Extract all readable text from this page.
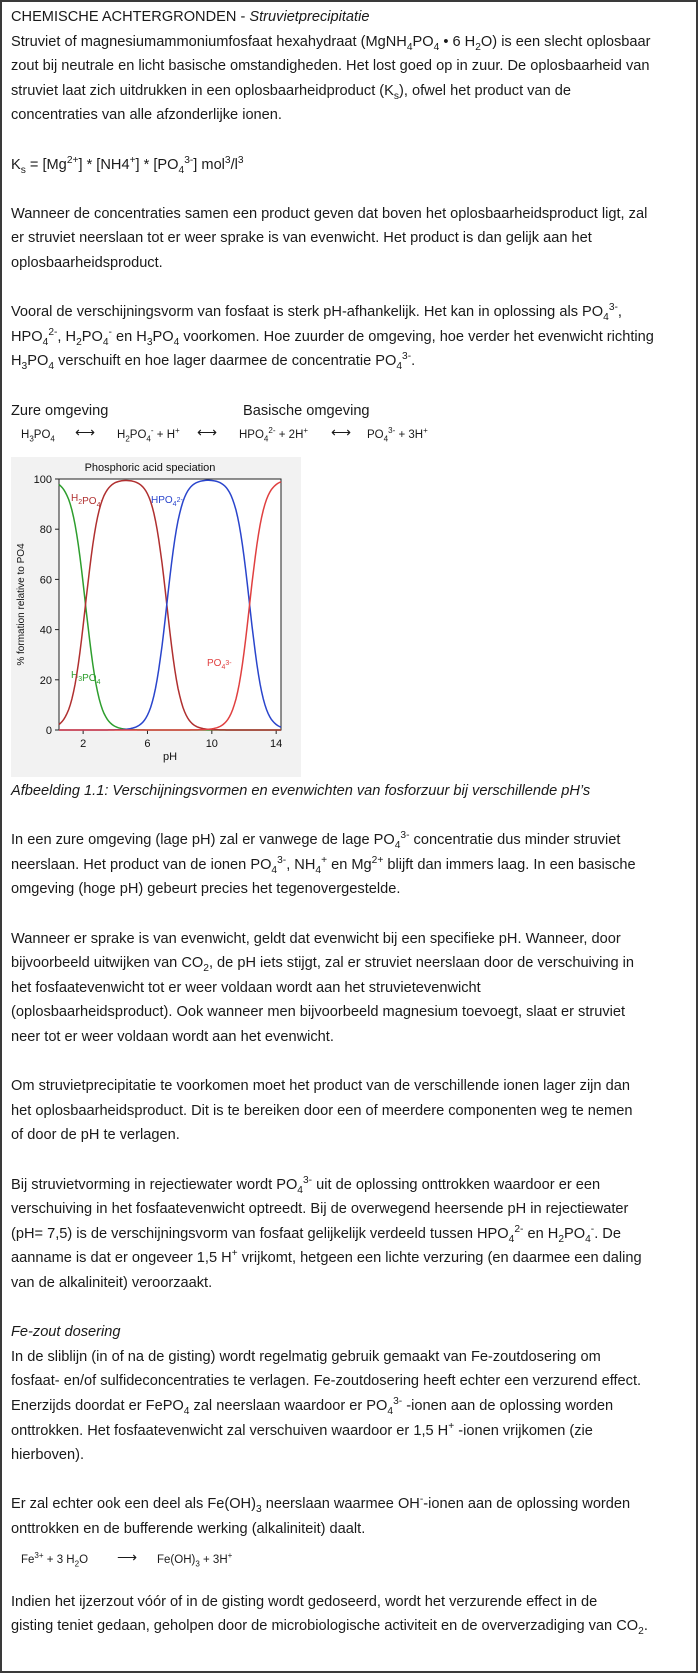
CHEMISCHE ACHTERGRONDEN - Struvietprecipitatie

Struviet of magnesiumammoniumfosfaat hexahydraat ($MgNH_4PO_4$ • 6 $H_2O$) is een slecht oplosbaar

zout bij neutrale en licht basische omstandigheden. Het lost goed op in zuur. De oplosbaarheid van

struviet laat zich uitdrukken in een oplosbaarheidproduct $(K_s)$, ofwel het product van de

concentraties van alle afzonderlijke ionen.

$K_s = [Mg^{2+}] * [NH4^+] * [PO_4^{3-}]$ $mol^3/l^3$

Wanneer de concentraties samen een product geven dat boven het oplosbaarheidsproduct ligt, zal

er struviet neerslaan tot er weer sprake is van evenwicht. Het product is dan gelijk aan het

oplosbaarheidsproduct.

Vooral de verschijningsvorm van fosfaat is sterk pH-afhankelijk. Het kan in oplossing als $PO_4^{3-}$,

$HPO_4^{2-}$, $H_2PO_4^-$ en $H_3PO_4$ voorkomen. Hoe zuurder de omgeving, hoe verder het evenwicht richting

$H_3PO_4$ verschuift en hoe lager daarmee de concentratie $PO_4^{3-}$.

Zure omgeving	Basische omgeving
$H_3PO_4$ ⟷ $H_2PO_4^- + H^+$ ⟷ $HPO_4^{2-} + 2H^+$ ⟷ $PO_4^{3-} + 3H^+$
Phosphoric acid speciation
0
20
40
60
80
100
2	6	10	14
pH
% formation relative to PO4
$H_3PO_4$
$H_2PO_4^-$	$HPO_4^{2-}$
$PO_4^{3-}$

Afbeelding 1.1: Verschijningsvormen en evenwichten van fosforzuur bij verschillende pH’s

In een zure omgeving (lage pH) zal er vanwege de lage $PO_4^{3-}$ concentratie dus minder struviet

neerslaan. Het product van de ionen $PO_4^{3-}$, $NH_4^+$ en $Mg^{2+}$ blijft dan immers laag. In een basische

omgeving (hoge pH) gebeurt precies het tegenovergestelde.

Wanneer er sprake is van evenwicht, geldt dat evenwicht bij een specifieke pH. Wanneer, door

bijvoorbeeld uitwijken van $CO_2$, de pH iets stijgt, zal er struviet neerslaan door de verschuiving in

het fosfaatevenwicht tot er weer voldaan wordt aan het struvietevenwicht

(oplosbaarheidsproduct). Ook wanneer men bijvoorbeeld magnesium toevoegt, slaat er struviet

neer tot er weer voldaan wordt aan het evenwicht.

Om struvietprecipitatie te voorkomen moet het product van de verschillende ionen lager zijn dan

het oplosbaarheidsproduct. Dit is te bereiken door een of meerdere componenten weg te nemen

of door de pH te verlagen.

Bij struvietvorming in rejectiewater wordt $PO_4^{3-}$ uit de oplossing onttrokken waardoor er een

verschuiving in het fosfaatevenwicht optreedt. Bij de overwegend heersende pH in rejectiewater

(pH= 7,5) is de verschijningsvorm van fosfaat gelijkelijk verdeeld tussen $HPO_4^{2-}$ en $H_2PO_4^-$. De

aanname is dat er ongeveer 1,5 H+ vrijkomt, hetgeen een lichte verzuring (en daarmee een daling

van de alkaliniteit) veroorzaakt.

Fe-zout dosering

In de sliblijn (in of na de gisting) wordt regelmatig gebruik gemaakt van Fe-zoutdosering om

fosfaat- en/of sulfideconcentraties te verlagen. Fe-zoutdosering heeft echter een verzurend effect.

Enerzijds doordat er FePO$_4$ zal neerslaan waardoor er $PO_4^{3-}$ -ionen aan de oplossing worden

onttrokken. Het fosfaatevenwicht zal verschuiven waardoor er 1,5 H+ -ionen vrijkomen (zie

hierboven).

Er zal echter ook een deel als $Fe(OH)_3$ neerslaan waarmee OH--ionen aan de oplossing worden

onttrokken en de bufferende werking (alkaliniteit) daalt.

$Fe^{3+} + 3$ $H_2O$ ⟶ $Fe(OH)_3 + 3H^+$

Indien het ijzerzout vóór of in de gisting wordt gedoseerd, wordt het verzurende effect in de

gisting teniet gedaan, geholpen door de microbiologische activiteit en de oververzadiging van $CO_2$.
